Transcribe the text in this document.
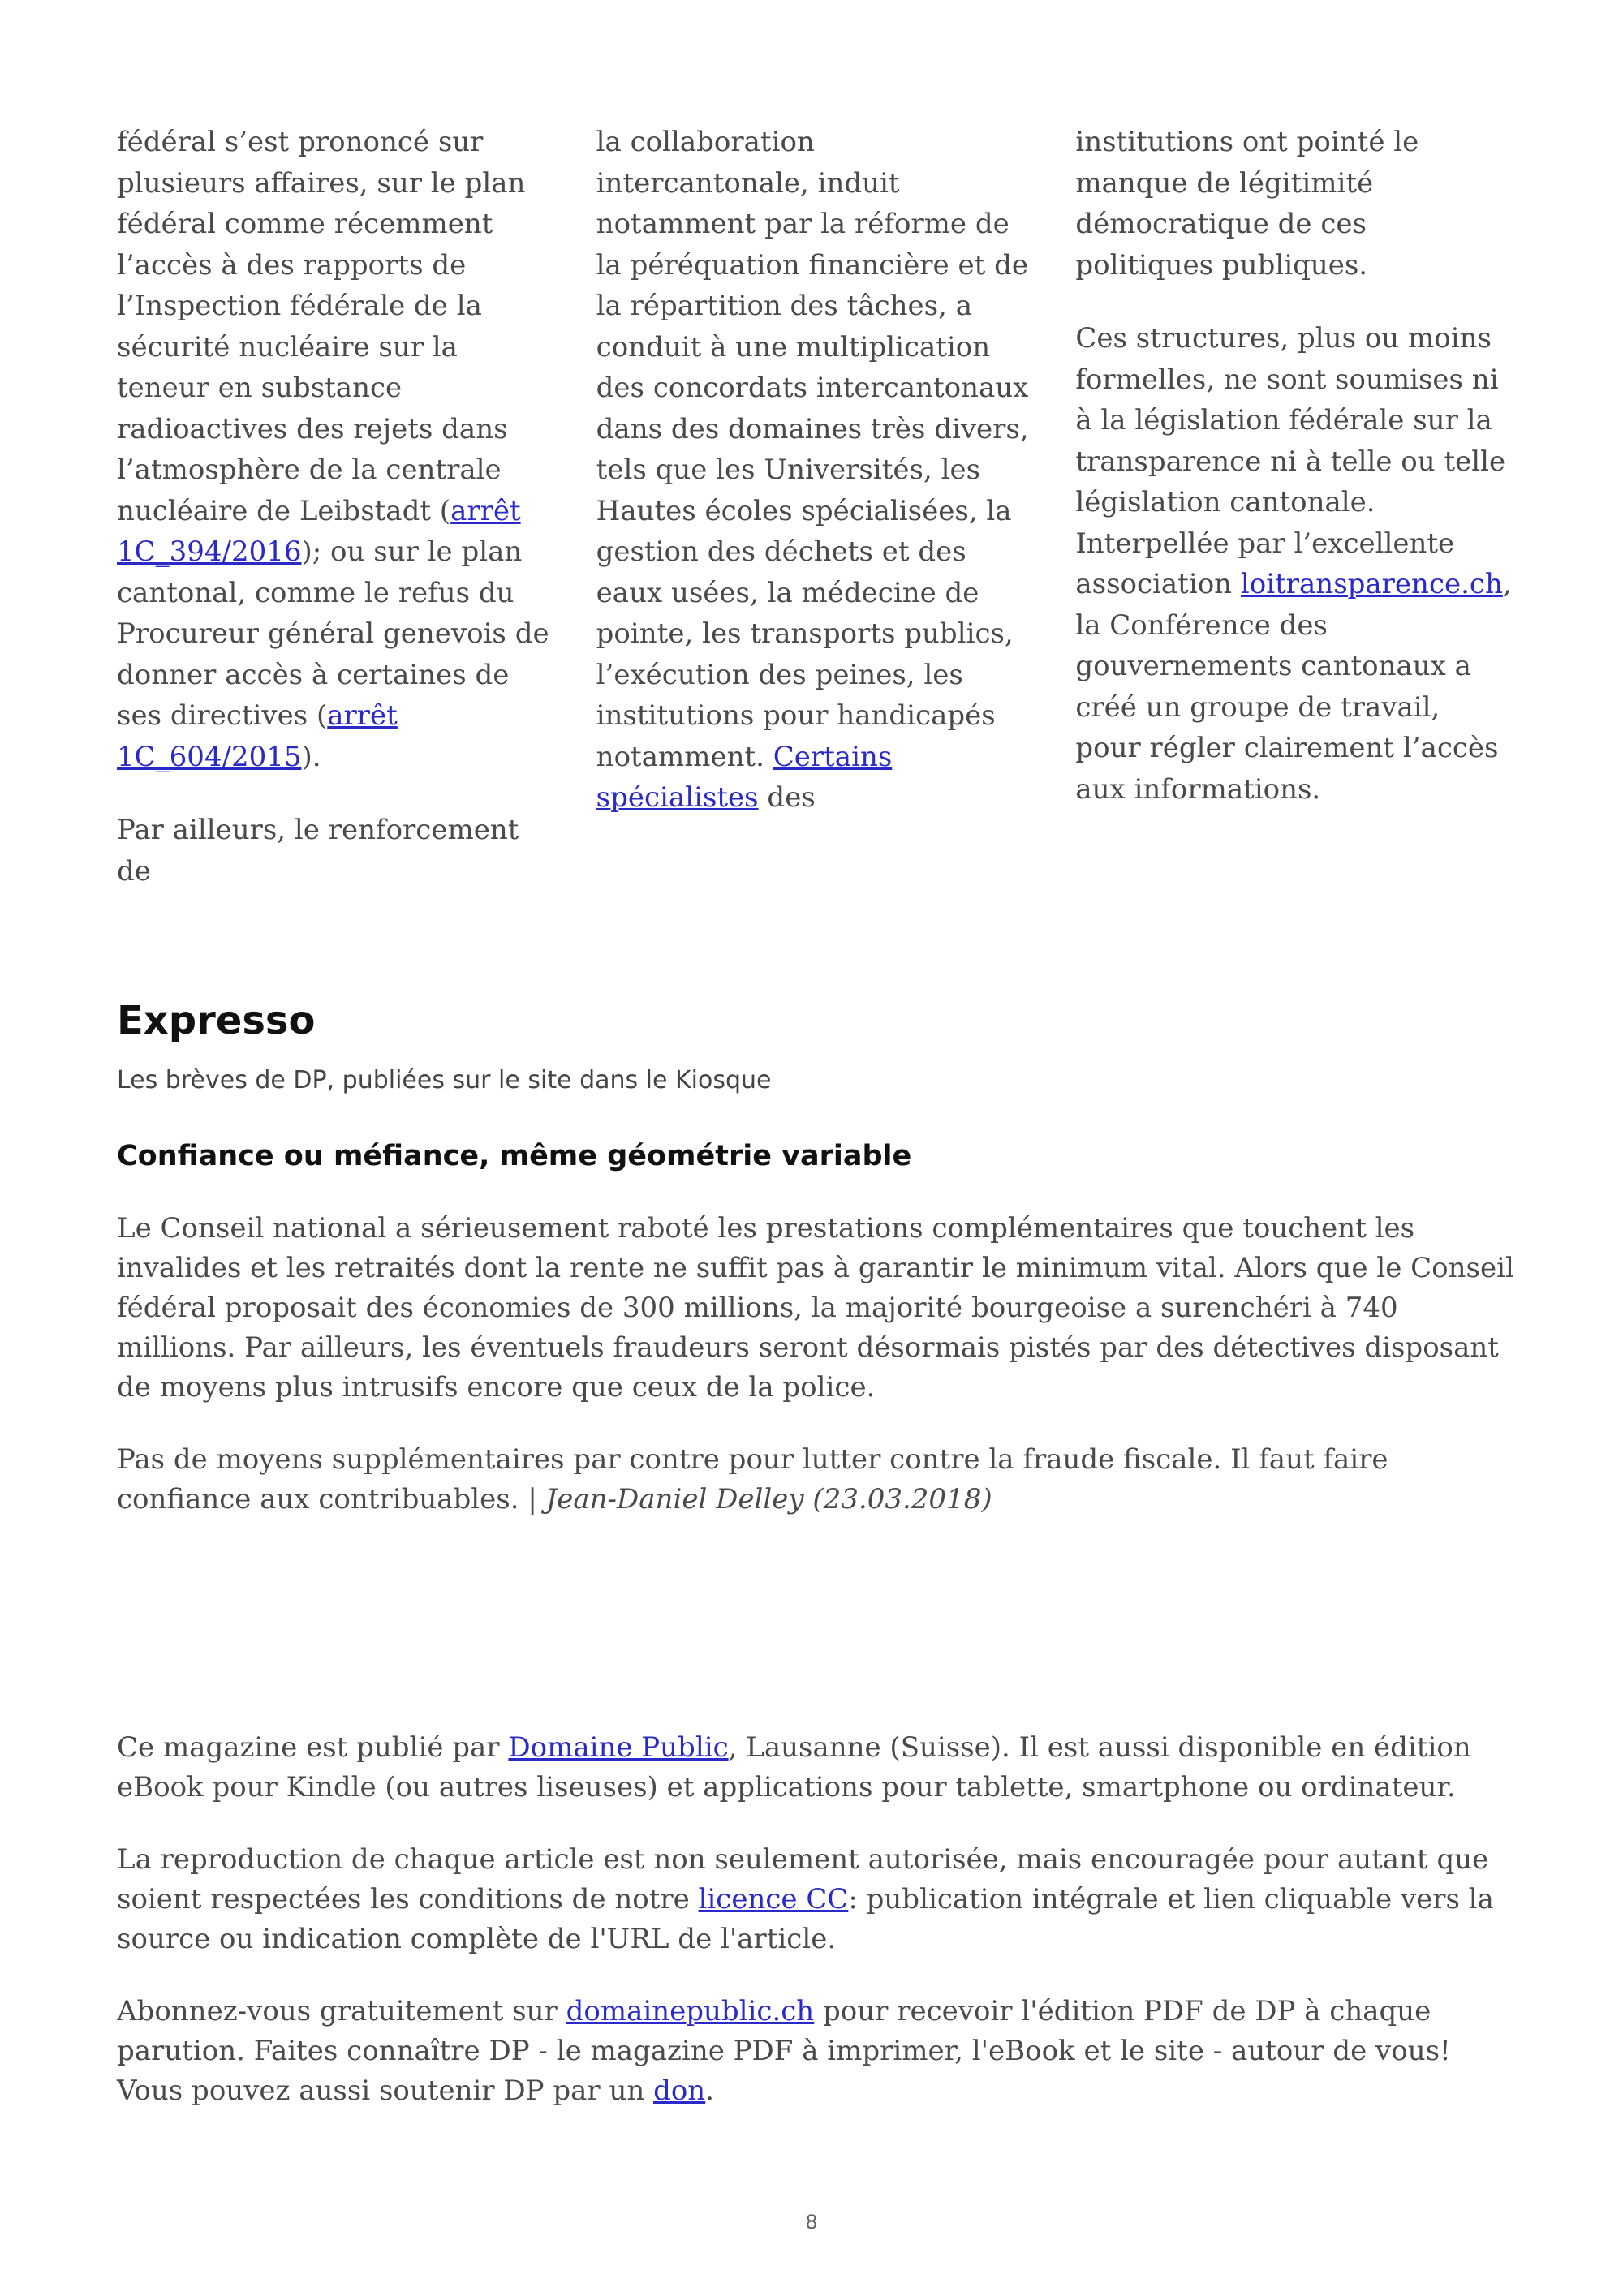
fédéral s’est prononcé sur plusieurs affaires, sur le plan fédéral comme récemment l’accès à des rapports de l’Inspection fédérale de la sécurité nucléaire sur la teneur en substance radioactives des rejets dans l’atmosphère de la centrale nucléaire de Leibstadt (arrêt 1C_394/2016); ou sur le plan cantonal, comme le refus du Procureur général genevois de donner accès à certaines de ses directives (arrêt 1C_604/2015).

Par ailleurs, le renforcement de

la collaboration intercantonale, induit notamment par la réforme de la péréquation financière et de la répartition des tâches, a conduit à une multiplication des concordats intercantonaux dans des domaines très divers, tels que les Universités, les Hautes écoles spécialisées, la gestion des déchets et des eaux usées, la médecine de pointe, les transports publics, l’exécution des peines, les institutions pour handicapés notamment. Certains spécialistes des

institutions ont pointé le manque de légitimité démocratique de ces politiques publiques.

Ces structures, plus ou moins formelles, ne sont soumises ni à la législation fédérale sur la transparence ni à telle ou telle législation cantonale. Interpellée par l’excellente association loitransparence.ch, la Conférence des gouvernements cantonaux a créé un groupe de travail, pour régler clairement l’accès aux informations.

Expresso
Les brèves de DP, publiées sur le site dans le Kiosque
Confiance ou méfiance, même géométrie variable

Le Conseil national a sérieusement raboté les prestations complémentaires que touchent les invalides et les retraités dont la rente ne suffit pas à garantir le minimum vital. Alors que le Conseil fédéral proposait des économies de 300 millions, la majorité bourgeoise a surenchéri à 740 millions. Par ailleurs, les éventuels fraudeurs seront désormais pistés par des détectives disposant de moyens plus intrusifs encore que ceux de la police.

Pas de moyens supplémentaires par contre pour lutter contre la fraude fiscale. Il faut faire confiance aux contribuables. | Jean-Daniel Delley (23.03.2018)

Ce magazine est publié par Domaine Public, Lausanne (Suisse). Il est aussi disponible en édition eBook pour Kindle (ou autres liseuses) et applications pour tablette, smartphone ou ordinateur.

La reproduction de chaque article est non seulement autorisée, mais encouragée pour autant que soient respectées les conditions de notre licence CC: publication intégrale et lien cliquable vers la source ou indication complète de l'URL de l'article.

Abonnez-vous gratuitement sur domainepublic.ch pour recevoir l'édition PDF de DP à chaque parution. Faites connaître DP - le magazine PDF à imprimer, l'eBook et le site - autour de vous! Vous pouvez aussi soutenir DP par un don.

8
